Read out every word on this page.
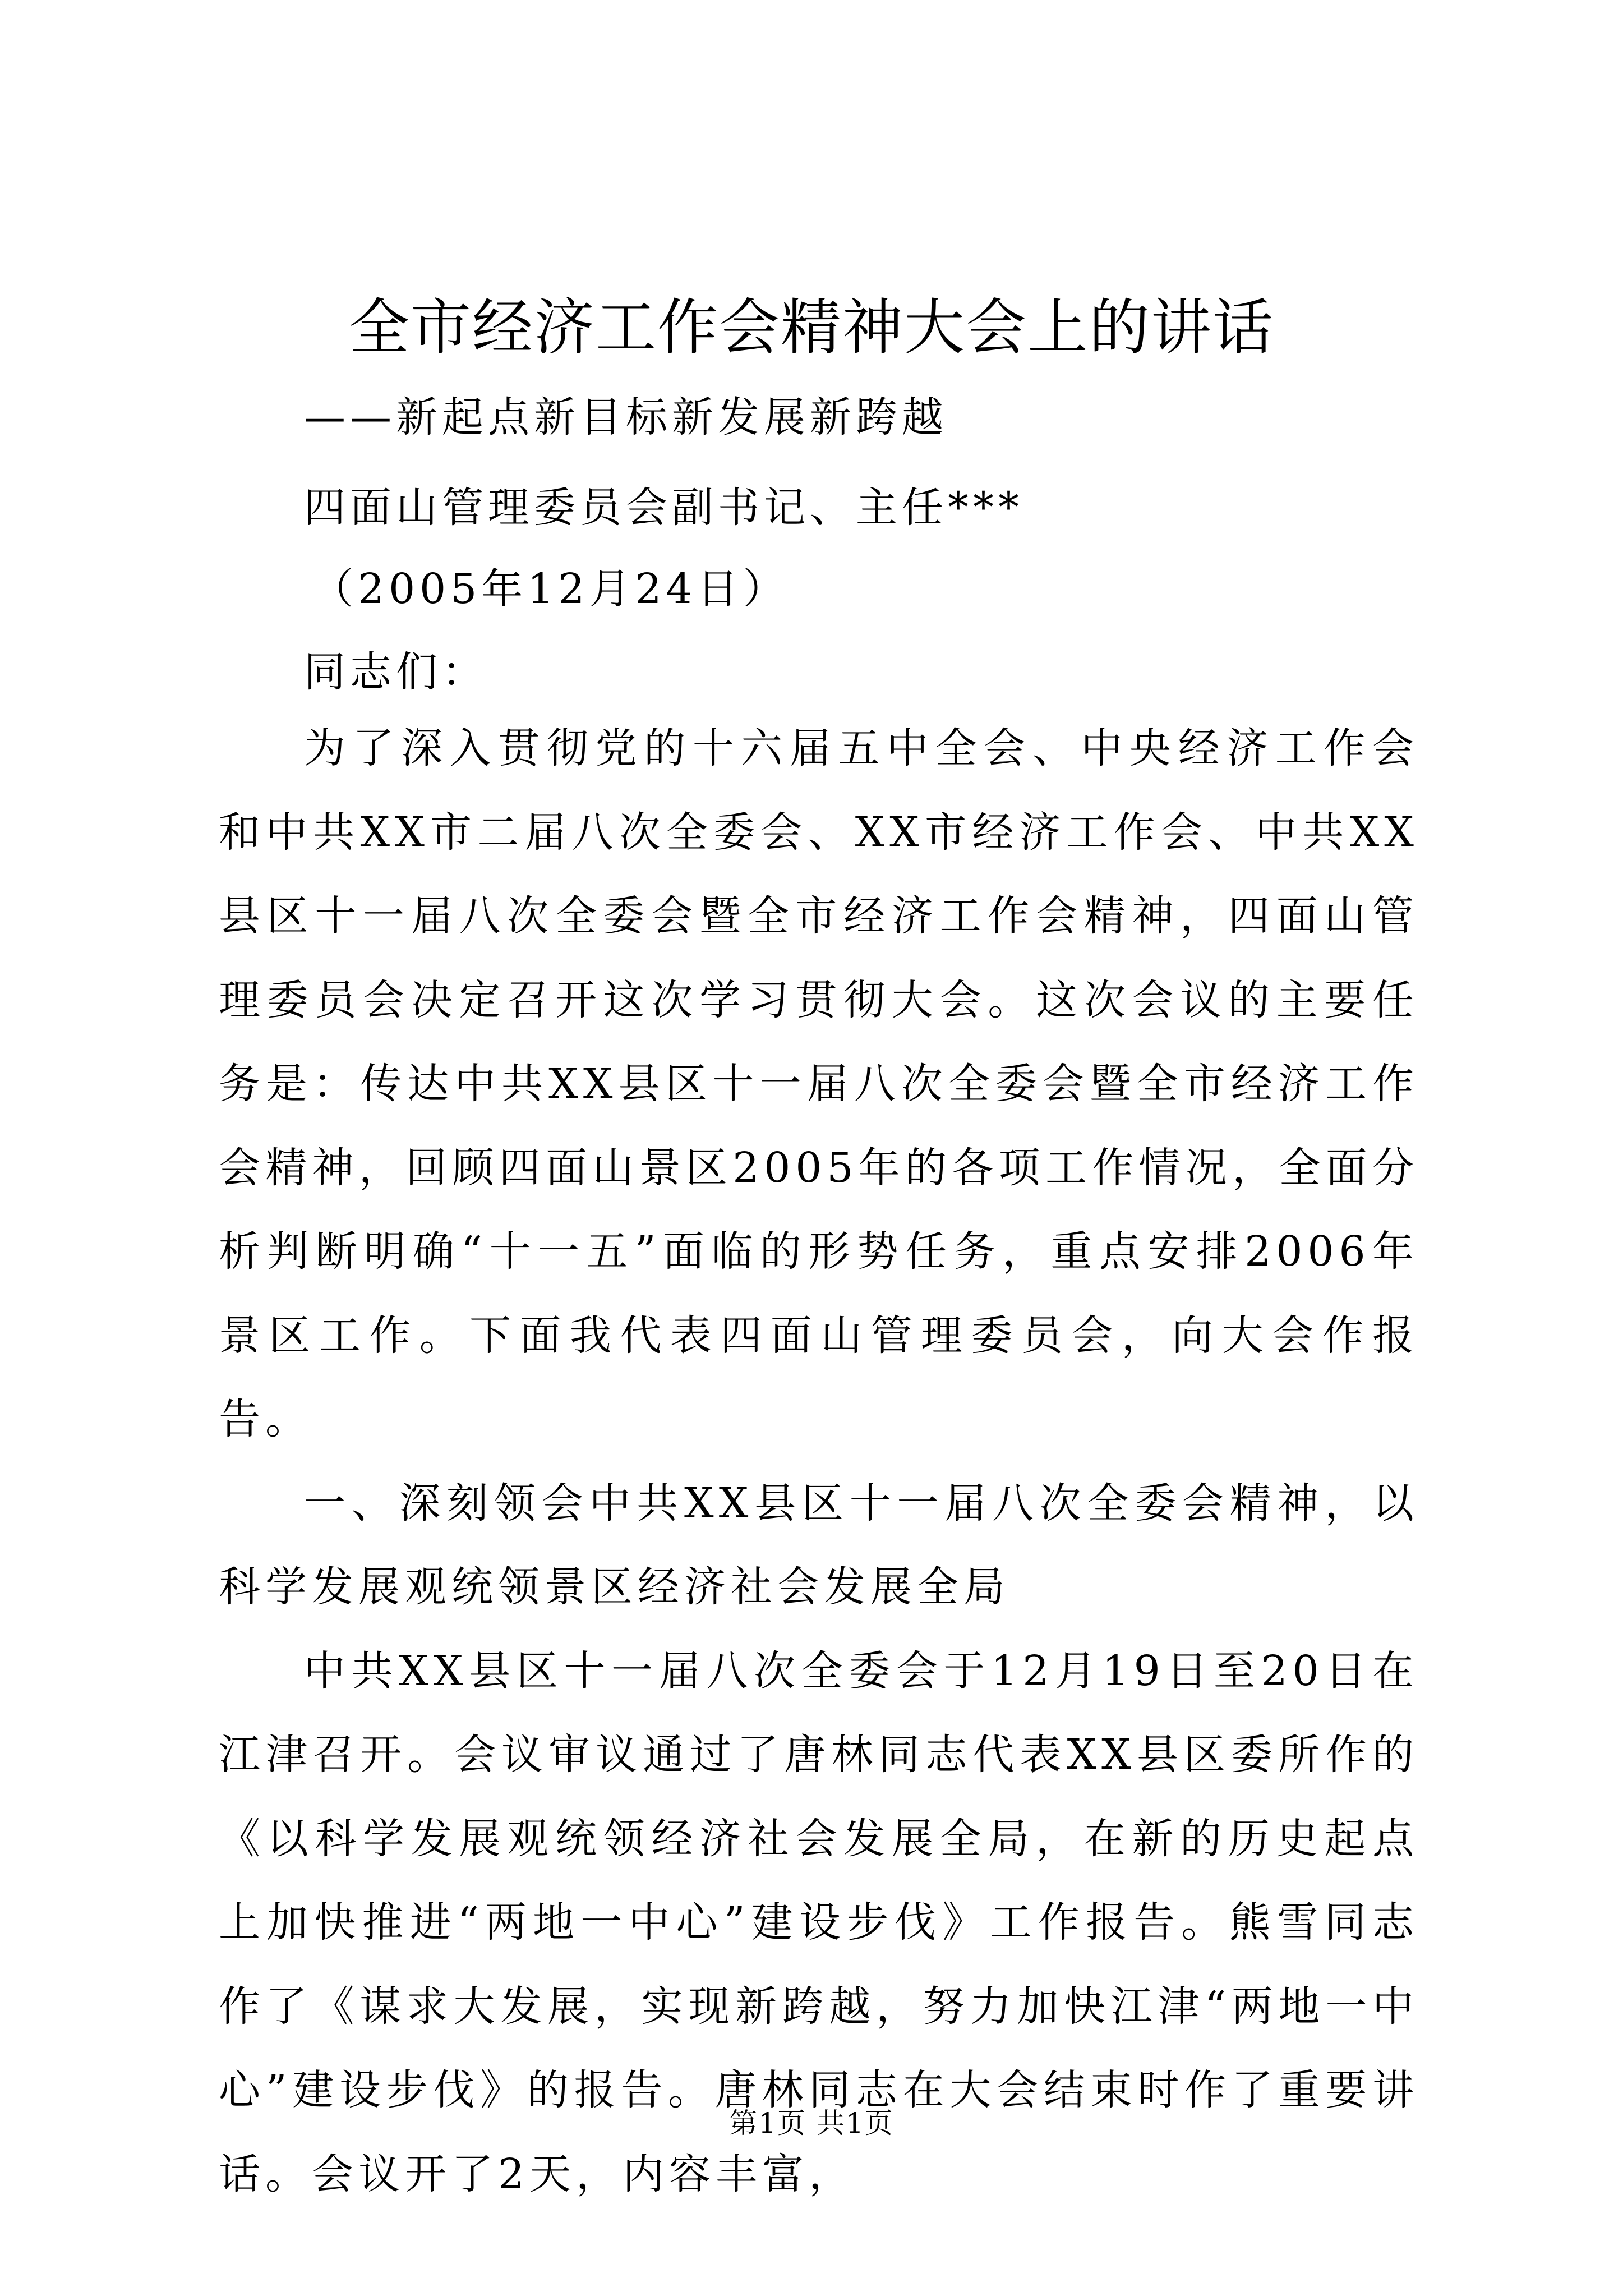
全市经济工作会精神大会上的讲话
——新起点新目标新发展新跨越
四面山管理委员会副书记、主任***
（2005年12月24日）
同志们：

为了深入贯彻党的十六届五中全会、中央经济工作会和中共XX市二届八次全委会、XX市经济工作会、中共XX县区十一届八次全委会暨全市经济工作会精神，四面山管理委员会决定召开这次学习贯彻大会。这次会议的主要任务是：传达中共XX县区十一届八次全委会暨全市经济工作会精神，回顾四面山景区2005年的各项工作情况，全面分析判断明确“十一五”面临的形势任务，重点安排2006年景区工作。下面我代表四面山管理委员会，向大会作报告。

一、深刻领会中共XX县区十一届八次全委会精神，以科学发展观统领景区经济社会发展全局

中共XX县区十一届八次全委会于12月19日至20日在江津召开。会议审议通过了唐林同志代表XX县区委所作的《以科学发展观统领经济社会发展全局，在新的历史起点上加快推进“两地一中心”建设步伐》工作报告。熊雪同志作了《谋求大发展，实现新跨越，努力加快江津“两地一中心”建设步伐》的报告。唐林同志在大会结束时作了重要讲话。会议开了2天，内容丰富，

第1页 共1页
